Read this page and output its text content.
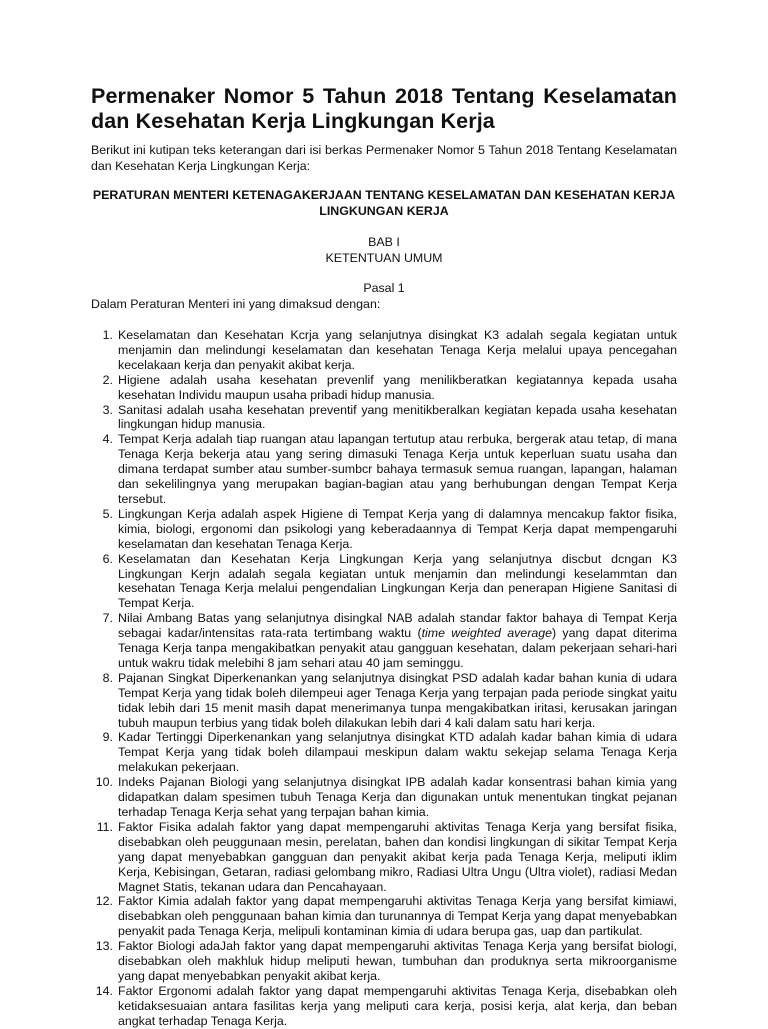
Permenaker Nomor 5 Tahun 2018 Tentang Keselamatan dan Kesehatan Kerja Lingkungan Kerja

Berikut ini kutipan teks keterangan dari isi berkas Permenaker Nomor 5 Tahun 2018 Tentang Keselamatan dan Kesehatan Kerja Lingkungan Kerja:

PERATURAN MENTERI KETENAGAKERJAAN TENTANG KESELAMATAN DAN KESEHATAN KERJA LINGKUNGAN KERJA

BAB I

KETENTUAN UMUM

Pasal 1

Dalam Peraturan Menteri ini yang dimaksud dengan:

1. Keselamatan dan Kesehatan Kcrja yang selanjutnya disingkat K3 adalah segala kegiatan untuk menjamin dan melindungi keselamatan dan kesehatan Tenaga Kerja melalui upaya pencegahan kecelakaan kerja dan penyakit akibat kerja.
2. Higiene adalah usaha kesehatan prevenlif yang menilikberatkan kegiatannya kepada usaha kesehatan Individu maupun usaha pribadi hidup manusia.
3. Sanitasi adalah usaha kesehatan preventif yang menitikberalkan kegiatan kepada usaha kesehatan lingkungan hidup manusia.
4. Tempat Kerja adalah tiap ruangan atau lapangan tertutup atau rerbuka, bergerak atau tetap, di mana Tenaga Kerja bekerja atau yang sering dimasuki Tenaga Kerja untuk keperluan suatu usaha dan dimana terdapat sumber atau sumber-sumbcr bahaya termasuk semua ruangan, lapangan, halaman dan sekelilingnya yang merupakan bagian-bagian atau yang berhubungan dengan Tempat Kerja tersebut.
5. Lingkungan Kerja adalah aspek Higiene di Tempat Kerja yang di dalamnya mencakup faktor fisika, kimia, biologi, ergonomi dan psikologi yang keberadaannya di Tempat Kerja dapat mempengaruhi keselamatan dan kesehatan Tenaga Kerja.
6. Keselamatan dan Kesehatan Kerja Lingkungan Kerja yang selanjutnya discbut dcngan K3 Lingkungan Kerjn adalah segala kegiatan untuk menjamin dan melindungi keselammtan dan kesehatan Tenaga Kerja melalui pengendalian Lingkungan Kerja dan penerapan Higiene Sanitasi di Tempat Kerja.
7. Nilai Ambang Batas yang selanjutnya disingkal NAB adalah standar faktor bahaya di Tempat Kerja sebagai kadar/intensitas rata-rata tertimbang waktu (time weighted average) yang dapat diterima Tenaga Kerja tanpa mengakibatkan penyakit atau gangguan kesehatan, dalam pekerjaan sehari-hari untuk wakru tidak melebihi 8 jam sehari atau 40 jam seminggu.
8. Pajanan Singkat Diperkenankan yang selanjutnya disingkat PSD adalah kadar bahan kunia di udara Tempat Kerja yang tidak boleh dilempeui ager Tenaga Kerja yang terpajan pada periode singkat yaitu tidak lebih dari 15 menit masih dapat menerimanya tunpa mengakibatkan iritasi, kerusakan jaringan tubuh maupun terbius yang tidak boleh dilakukan lebih dari 4 kali dalam satu hari kerja.
9. Kadar Tertinggi Diperkenankan yang selanjutnya disingkat KTD adalah kadar bahan kimia di udara Tempat Kerja yang tidak boleh dilampaui meskipun dalam waktu sekejap selama Tenaga Kerja melakukan pekerjaan.
10. Indeks Pajanan Biologi yang selanjutnya disingkat IPB adalah kadar konsentrasi bahan kimia yang didapatkan dalam spesimen tubuh Tenaga Kerja dan digunakan untuk menentukan tingkat pejanan terhadap Tenaga Kerja sehat yang terpajan bahan kimia.
11. Faktor Fisika adalah faktor yang dapat mempengaruhi aktivitas Tenaga Kerja yang bersifat fisika, disebabkan oleh peuggunaan mesin, perelatan, bahen dan kondisi lingkungan di sikitar Tempat Kerja yang dapat menyebabkan gangguan dan penyakit akibat kerja pada Tenaga Kerja, meliputi iklim Kerja, Kebisingan, Getaran, radiasi gelombang mikro, Radiasi Ultra Ungu (Ultra violet), radiasi Medan Magnet Statis, tekanan udara dan Pencahayaan.
12. Faktor Kimia adalah faktor yang dapat mempengaruhi aktivitas Tenaga Kerja yang bersifat kimiawi, disebabkan oleh penggunaan bahan kimia dan turunannya di Tempat Kerja yang dapat menyebabkan penyakit pada Tenaga Kerja, melipuli kontaminan kimia di udara berupa gas, uap dan partikulat.
13. Faktor Biologi adaJah faktor yang dapat mempengaruhi aktivitas Tenaga Kerja yang bersifat biologi, disebabkan oleh makhluk hidup meliputi hewan, tumbuhan dan produknya serta mikroorganisme yang dapat menyebabkan penyakit akibat kerja.
14. Faktor Ergonomi adalah faktor yang dapat mempengaruhi aktivitas Tenaga Kerja, disebabkan oleh ketidaksesuaian antara fasilitas kerja yang meliputi cara kerja, posisi kerja, alat kerja, dan beban angkat terhadap Tenaga Kerja.
